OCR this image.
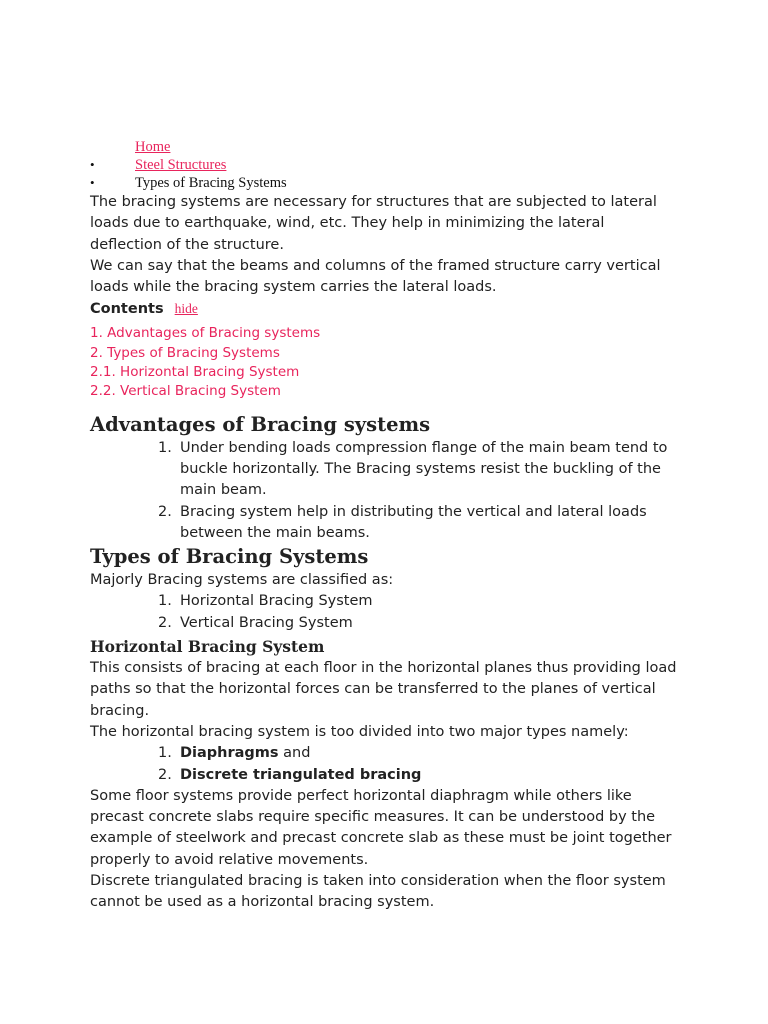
Home
• Steel Structures
• Types of Bracing Systems

The bracing systems are necessary for structures that are subjected to lateral loads due to earthquake, wind, etc. They help in minimizing the lateral deflection of the structure.

We can say that the beams and columns of the framed structure carry vertical loads while the bracing system carries the lateral loads.

Contents hide
1. Advantages of Bracing systems
2. Types of Bracing Systems
2.1. Horizontal Bracing System
2.2. Vertical Bracing System
Advantages of Bracing systems
1. Under bending loads compression flange of the main beam tend to buckle horizontally. The Bracing systems resist the buckling of the main beam.
2. Bracing system help in distributing the vertical and lateral loads between the main beams.
Types of Bracing Systems

Majorly Bracing systems are classified as:

1. Horizontal Bracing System
2. Vertical Bracing System
Horizontal Bracing System

This consists of bracing at each floor in the horizontal planes thus providing load paths so that the horizontal forces can be transferred to the planes of vertical bracing.

The horizontal bracing system is too divided into two major types namely:

1. Diaphragms and
2. Discrete triangulated bracing

Some floor systems provide perfect horizontal diaphragm while others like precast concrete slabs require specific measures. It can be understood by the example of steelwork and precast concrete slab as these must be joint together properly to avoid relative movements.

Discrete triangulated bracing is taken into consideration when the floor system cannot be used as a horizontal bracing system.
